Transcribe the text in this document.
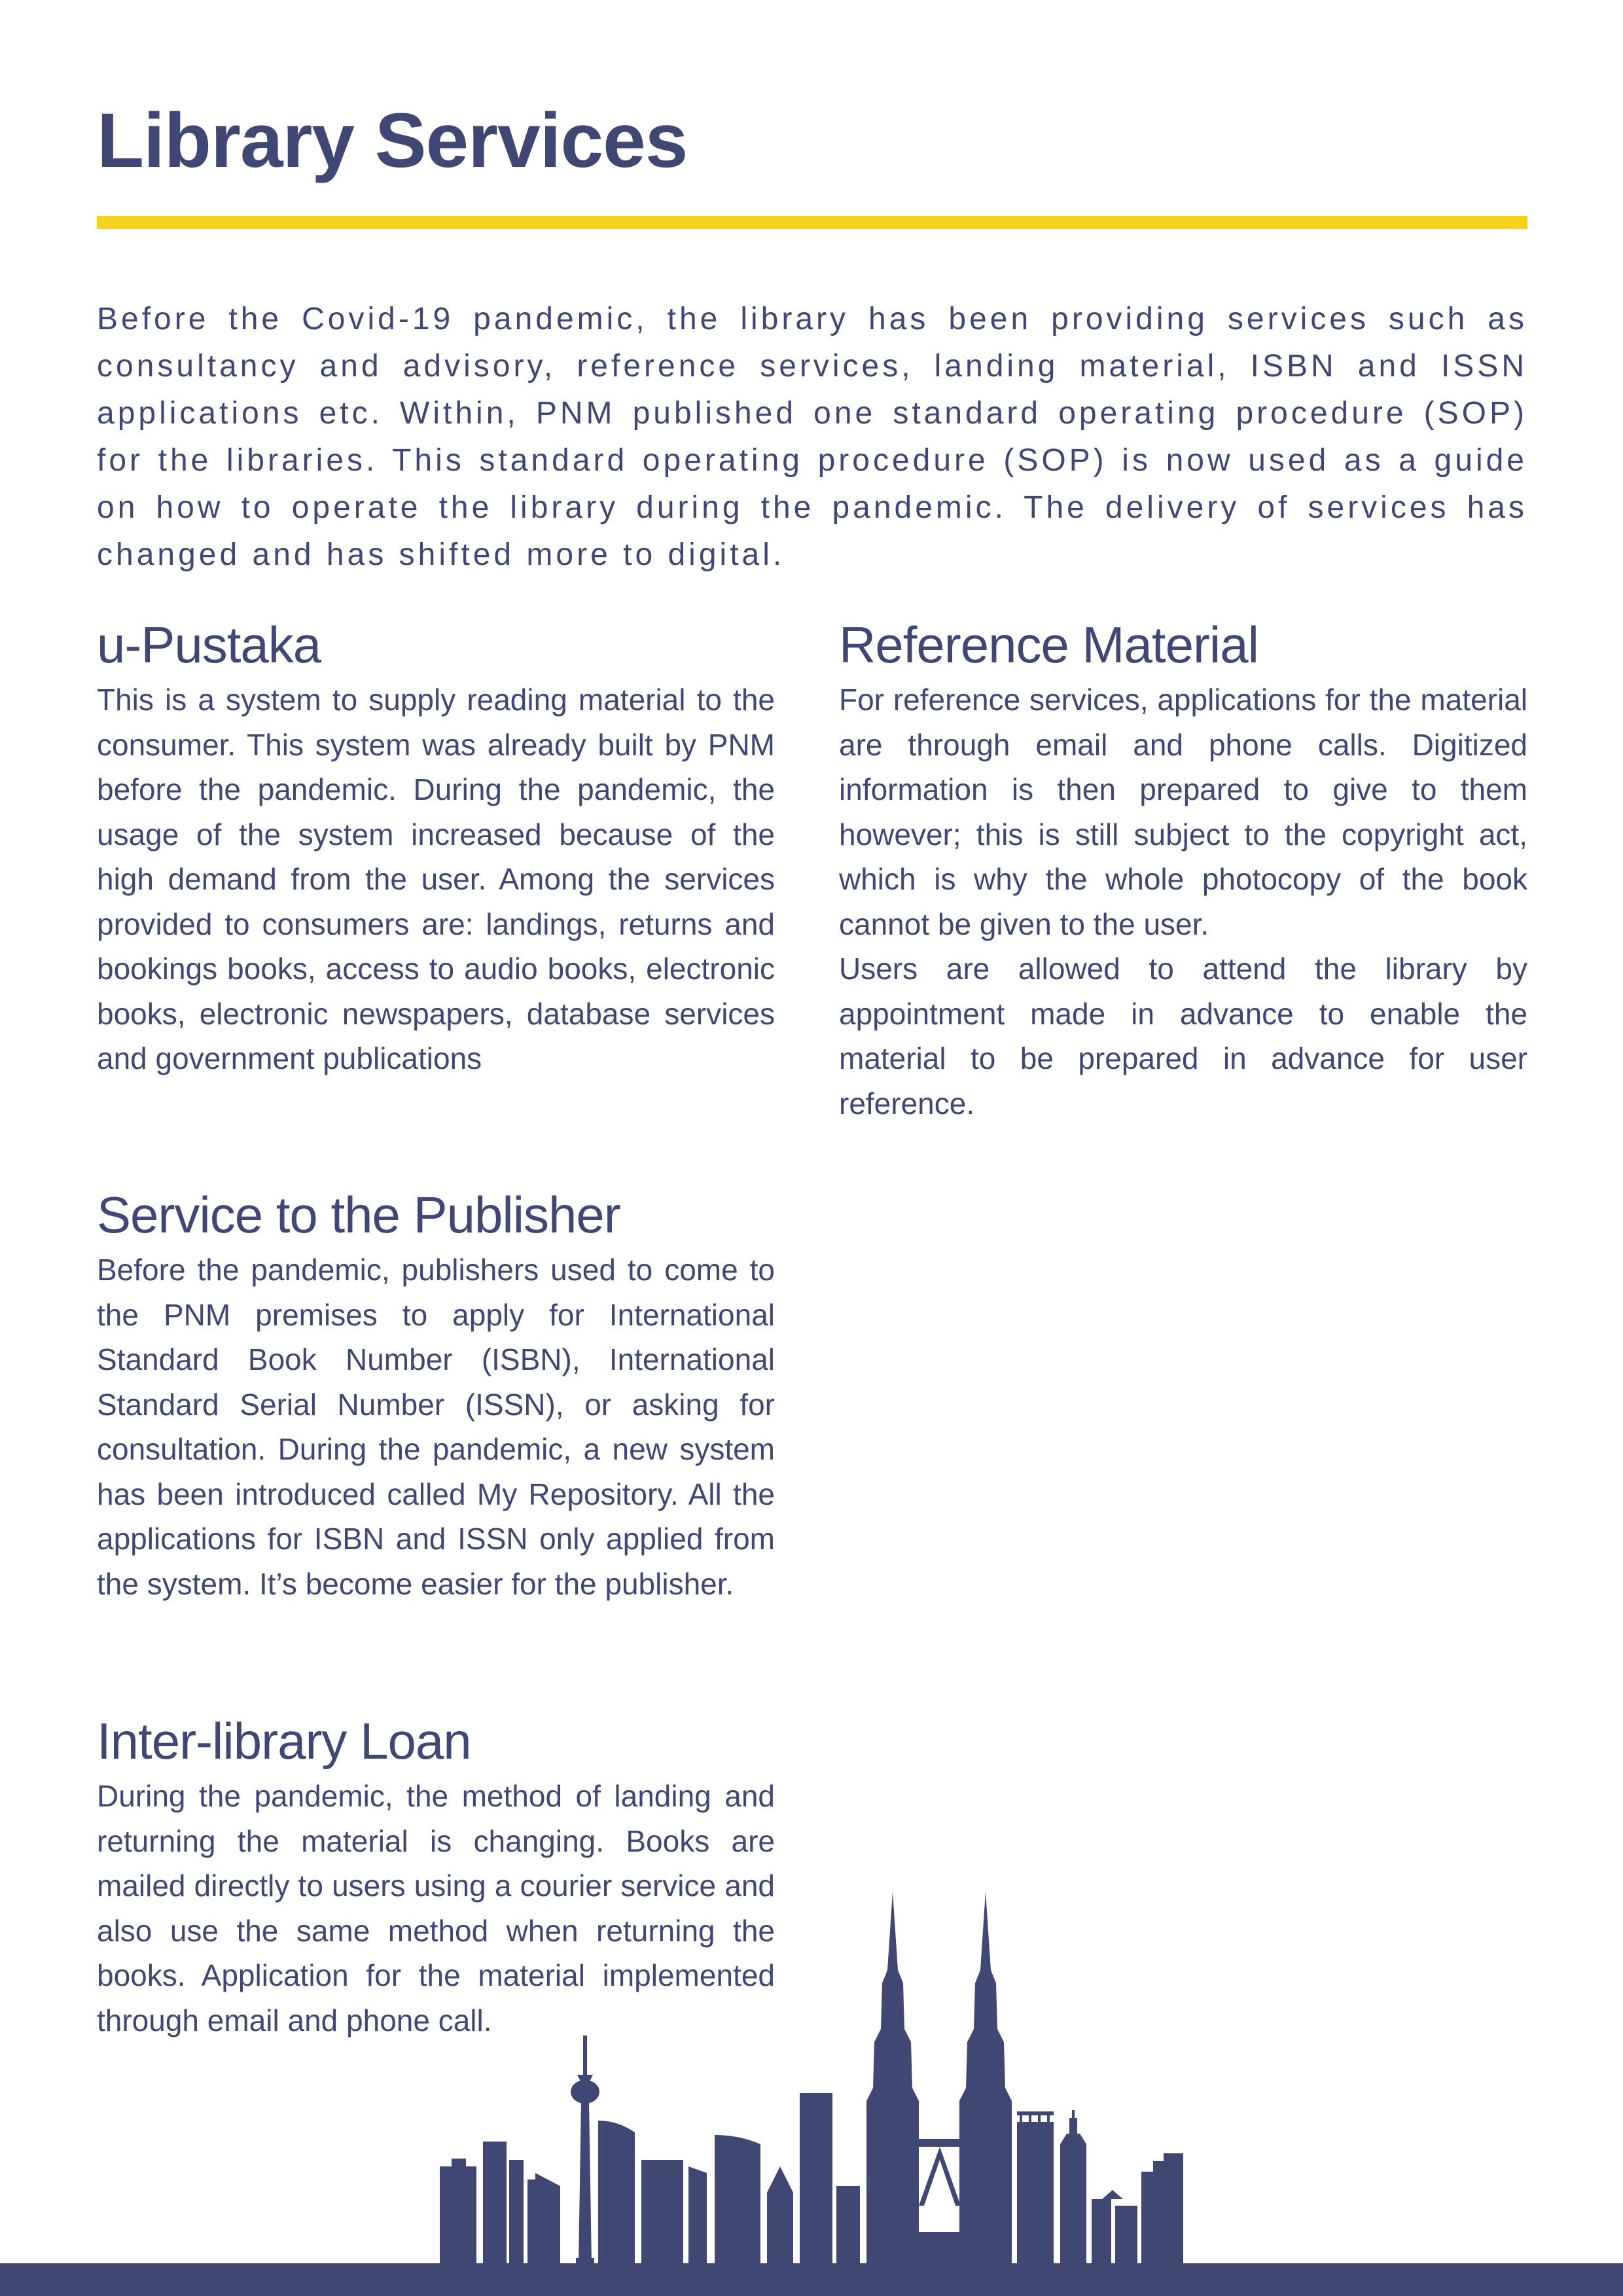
Library Services

Before the Covid-19 pandemic, the library has been providing services such as consultancy and advisory, reference services, landing material, ISBN and ISSN applications etc. Within, PNM published one standard operating procedure (SOP) for the libraries. This standard operating procedure (SOP) is now used as a guide on how to operate the library during the pandemic. The delivery of services has changed and has shifted more to digital.

u-Pustaka

This is a system to supply reading material to the consumer. This system was already built by PNM before the pandemic. During the pandemic, the usage of the system increased because of the high demand from the user. Among the services provided to consumers are: landings, returns and bookings books, access to audio books, electronic books, electronic newspapers, database services and government publications

Reference Material

For reference services, applications for the material are through email and phone calls. Digitized information is then prepared to give to them however; this is still subject to the copyright act, which is why the whole photocopy of the book cannot be given to the user.

Users are allowed to attend the library by appointment made in advance to enable the material to be prepared in advance for user reference.

Service to the Publisher

Before the pandemic, publishers used to come to the PNM premises to apply for International Standard Book Number (ISBN), International Standard Serial Number (ISSN), or asking for consultation. During the pandemic, a new system has been introduced called My Repository. All the applications for ISBN and ISSN only applied from the system. It’s become easier for the publisher.

Inter-library Loan

During the pandemic, the method of landing and returning the material is changing. Books are mailed directly to users using a courier service and also use the same method when returning the books. Application for the material implemented through email and phone call.
